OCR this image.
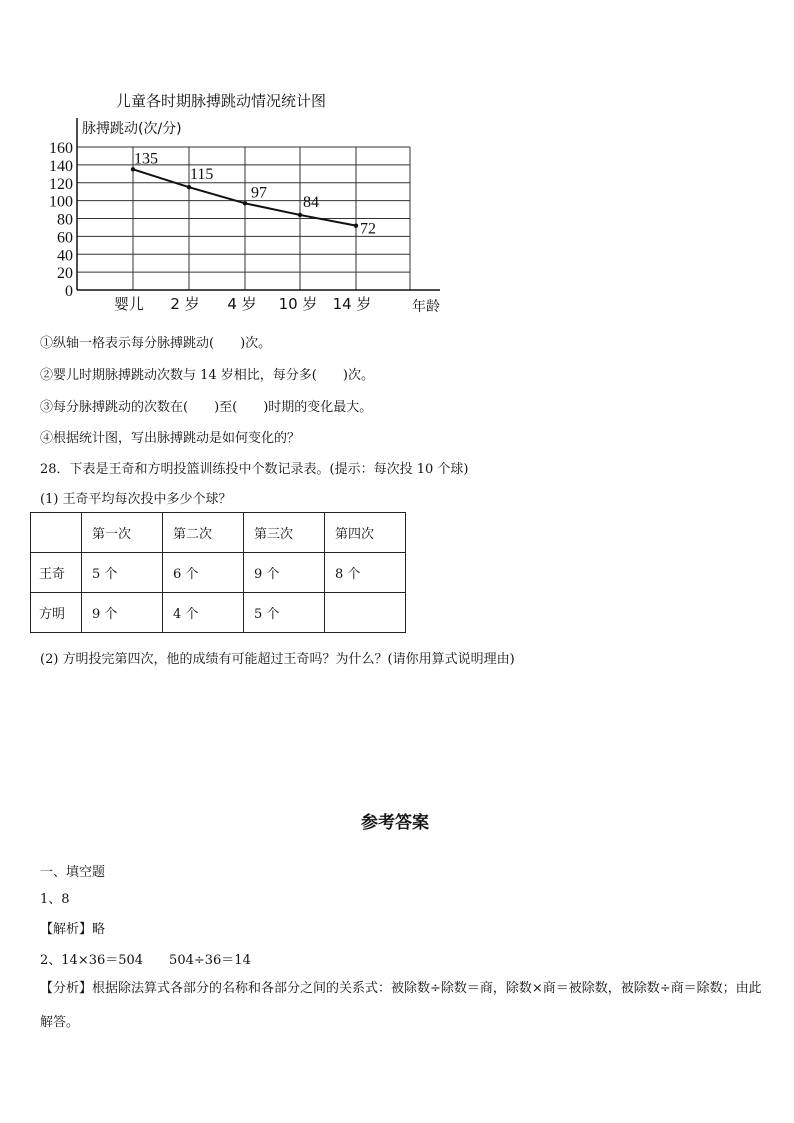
0
20
40
60
80
100
120
140
160
婴儿 2 岁 4 岁 10 岁 14 岁
135
115
97
84
72
脉搏跳动(次/分)
年龄
儿童各时期脉搏跳动情况统计图
①纵轴一格表示每分脉搏跳动(　　)次。
②婴儿时期脉搏跳动次数与 14 岁相比，每分多(　　)次。
③每分脉搏跳动的次数在(　　)至(　　)时期的变化最大。
④根据统计图，写出脉搏跳动是如何变化的？
28．下表是王奇和方明投篮训练投中个数记录表。(提示：每次投 10 个球)
(1) 王奇平均每次投中多少个球？
	第一次	第二次	第三次	第四次
王奇	5 个	6 个	9 个	8 个
方明	9 个	4 个	5 个	
(2) 方明投完第四次，他的成绩有可能超过王奇吗？为什么？(请你用算式说明理由)
参考答案
一、填空题
1、8
【解析】略
2、14×36＝504　　504÷36＝14
【分析】根据除法算式各部分的名称和各部分之间的关系式：被除数÷除数＝商，除数×商＝被除数，被除数÷商＝除数；由此解答。
